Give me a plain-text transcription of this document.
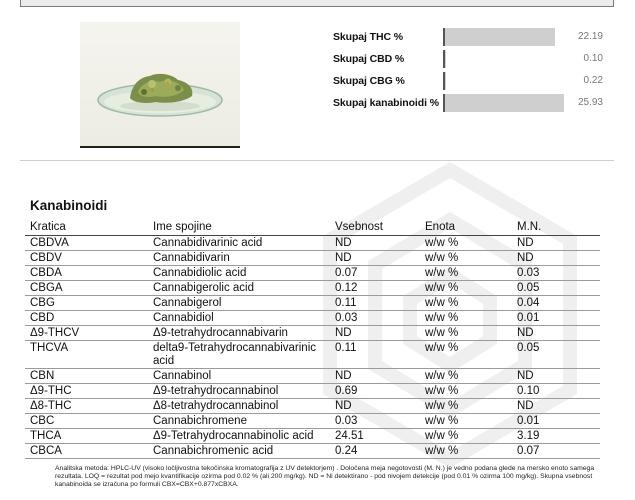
Skupaj THC %	22.19
Skupaj CBD %	0.10
Skupaj CBG %	0.22
Skupaj kanabinoidi %	25.93
Kanabinoidi
Kratica	Ime spojine	Vsebnost	Enota	M.N.
CBDVA	Cannabidivarinic acid	ND	w/w %	ND
CBDV	Cannabidivarin	ND	w/w %	ND
CBDA	Cannabidiolic acid	0.07	w/w %	0.03
CBGA	Cannabigerolic acid	0.12	w/w %	0.05
CBG	Cannabigerol	0.11	w/w %	0.04
CBD	Cannabidiol	0.03	w/w %	0.01
Δ9-THCV	Δ9-tetrahydrocannabivarin	ND	w/w %	ND
THCVA	delta9-Tetrahydrocannabivarinic acid	0.11	w/w %	0.05
CBN	Cannabinol	ND	w/w %	ND
Δ9-THC	Δ9-tetrahydrocannabinol	0.69	w/w %	0.10
Δ8-THC	Δ8-tetrahydrocannabinol	ND	w/w %	ND
CBC	Cannabichromene	0.03	w/w %	0.01
THCA	Δ9-Tetrahydrocannabinolic acid	24.51	w/w %	3.19
CBCA	Cannabichromenic acid	0.24	w/w %	0.07
Analitska metoda: HPLC-UV (visoko ločljivostna tekočinska kromatografija z UV detektorjem) . Določena meja negotovosti (M. N.) je vedno podana glede na mersko enoto samega rezultata. LOQ = rezultat pod mejo kvantifikacije ozirma pod 0.02 % (ali 200 mg/kg). ND = Ni detektirano - pod nivojem detekcije (pod 0.01 % ozirma 100 mg/kg). Skupna vsebnost kanabinoida se izračuna po formuli CBX=CBX+0.877xCBXA.
